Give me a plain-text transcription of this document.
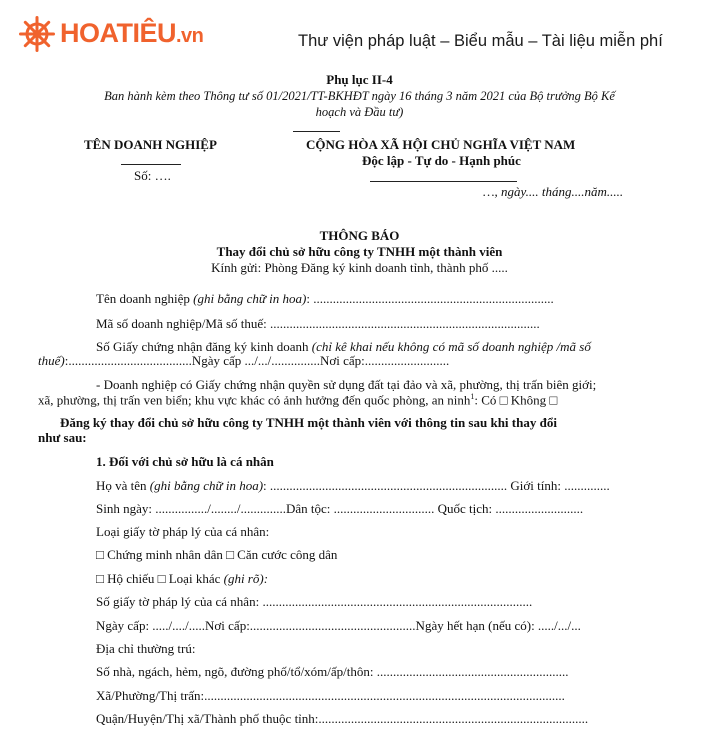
HOATIÊU.vn	Thư viện pháp luật – Biểu mẫu – Tài liệu miễn phí
Phụ lục II-4
Ban hành kèm theo Thông tư số 01/2021/TT-BKHĐT ngày 16 tháng 3 năm 2021 của Bộ trưởng Bộ Kế
hoạch và Đầu tư)
TÊN DOANH NGHIỆP	CỘNG HÒA XÃ HỘI CHỦ NGHĨA VIỆT NAM
Độc lập - Tự do - Hạnh phúc
Số: ….
…, ngày.... tháng....năm.....
THÔNG BÁO
Thay đổi chủ sở hữu công ty TNHH một thành viên
Kính gửi: Phòng Đăng ký kinh doanh tỉnh, thành phố .....
Tên doanh nghiệp (ghi bằng chữ in hoa): ..........................................................................
Mã số doanh nghiệp/Mã số thuế: ...................................................................................
Số Giấy chứng nhận đăng ký kinh doanh (chỉ kê khai nếu không có mã số doanh nghiệp /mã số
thuế):......................................Ngày cấp .../.../...............Nơi cấp:..........................
- Doanh nghiệp có Giấy chứng nhận quyền sử dụng đất tại đảo và xã, phường, thị trấn biên giới;
xã, phường, thị trấn ven biển; khu vực khác có ảnh hưởng đến quốc phòng, an ninh$^1$: Có □ Không □
Đăng ký thay đổi chủ sở hữu công ty TNHH một thành viên với thông tin sau khi thay đổi
như sau:
1. Đối với chủ sở hữu là cá nhân
Họ và tên (ghi bằng chữ in hoa): ......................................................................... Giới tính: ..............
Sinh ngày: ................/......../..............Dân tộc: ............................... Quốc tịch: ...........................
Loại giấy tờ pháp lý của cá nhân:
□ Chứng minh nhân dân □ Căn cước công dân
□ Hộ chiếu □ Loại khác (ghi rõ):
Số giấy tờ pháp lý của cá nhân: ...................................................................................
Ngày cấp: ...../..../.....Nơi cấp:...................................................Ngày hết hạn (nếu có): ...../.../...
Địa chỉ thường trú:
Số nhà, ngách, hẻm, ngõ, đường phố/tổ/xóm/ấp/thôn: ...........................................................
Xã/Phường/Thị trấn:...............................................................................................................
Quận/Huyện/Thị xã/Thành phố thuộc tỉnh:...................................................................................
